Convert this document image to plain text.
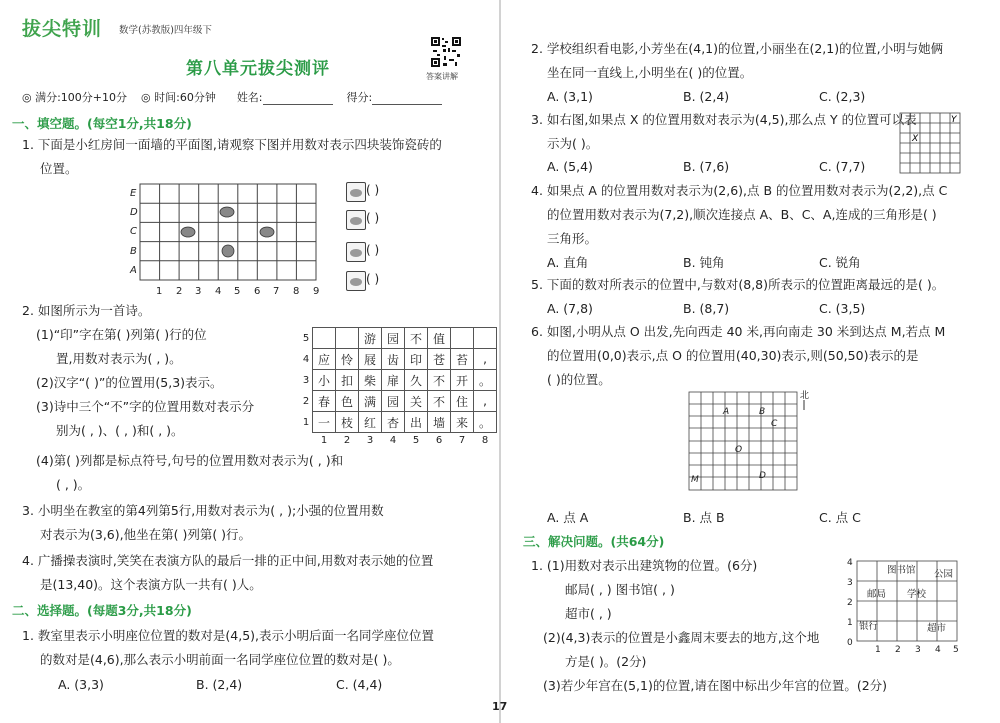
拔尖特训 数学(苏教版)四年级下
第八单元拔尖测评	答案讲解
◎ 满分:100分+10分 ◎ 时间:60分钟 姓名:	得分:
一、填空题。(每空1分,共18分)
1. 下面是小红房间一面墙的平面图,请观察下图并用数对表示四块装饰瓷砖的
位置。
E
D
C
B
A
1 2 3 4 5 6 7 8 9
( )
( )
( )
( )
2. 如图所示为一首诗。
(1)“印”字在第( )列第( )行的位
置,用数对表示为( , )。
(2)汉字“( )”的位置用(5,3)表示。
(3)诗中三个“不”字的位置用数对表示分
别为( , )、( , )和( , )。
5			游	园	不	值		
4	应	怜	屐	齿	印	苍	苔	,
3	小	扣	柴	扉	久	不	开	。
2	春	色	满	园	关	不	住	,
1	一	枝	红	杏	出	墙	来	。
	1	2	3	4	5	6	7	8
(4)第( )列都是标点符号,句号的位置用数对表示为( , )和
( , )。
3. 小明坐在教室的第4列第5行,用数对表示为( , );小强的位置用数
对表示为(3,6),他坐在第( )列第( )行。
4. 广播操表演时,笑笑在表演方队的最后一排的正中间,用数对表示她的位置
是(13,40)。这个表演方队一共有( )人。
二、选择题。(每题3分,共18分)
1. 教室里表示小明座位位置的数对是(4,5),表示小明后面一名同学座位位置
的数对是(4,6),那么表示小明前面一名同学座位位置的数对是( )。
A. (3,3)	B. (2,4)	C. (4,4)
2. 学校组织看电影,小芳坐在(4,1)的位置,小丽坐在(2,1)的位置,小明与她俩
坐在同一直线上,小明坐在( )的位置。
A. (3,1)	B. (2,4)	C. (2,3)
3. 如右图,如果点 X 的位置用数对表示为(4,5),那么点 Y 的位置可以表
示为( )。
A. (5,4)	B. (7,6)	C. (7,7)
Y
X
4. 如果点 A 的位置用数对表示为(2,6),点 B 的位置用数对表示为(2,2),点 C
的位置用数对表示为(7,2),顺次连接点 A、B、C、A,连成的三角形是( )
三角形。
A. 直角	B. 钝角	C. 锐角
5. 下面的数对所表示的位置中,与数对(8,8)所表示的位置距离最远的是( )。
A. (7,8)	B. (8,7)	C. (3,5)
6. 如图,小明从点 O 出发,先向西走 40 米,再向南走 30 米到达点 M,若点 M
的位置用(0,0)表示,点 O 的位置用(40,30)表示,则(50,50)表示的是
( )的位置。
A	B
C
O
M	D
北
A. 点 A	B. 点 B	C. 点 C
三、解决问题。(共64分)
1. (1)用数对表示出建筑物的位置。(6分)
邮局( , ) 图书馆( , )
超市( , )
(2)(4,3)表示的位置是小鑫周末要去的地方,这个地
方是( )。(2分)
(3)若少年宫在(5,1)的位置,请在图中标出少年宫的位置。(2分)
4
3
2
1
0
1 2 3 4 5
图书馆 公园
邮局 学校
银行	超市
17
